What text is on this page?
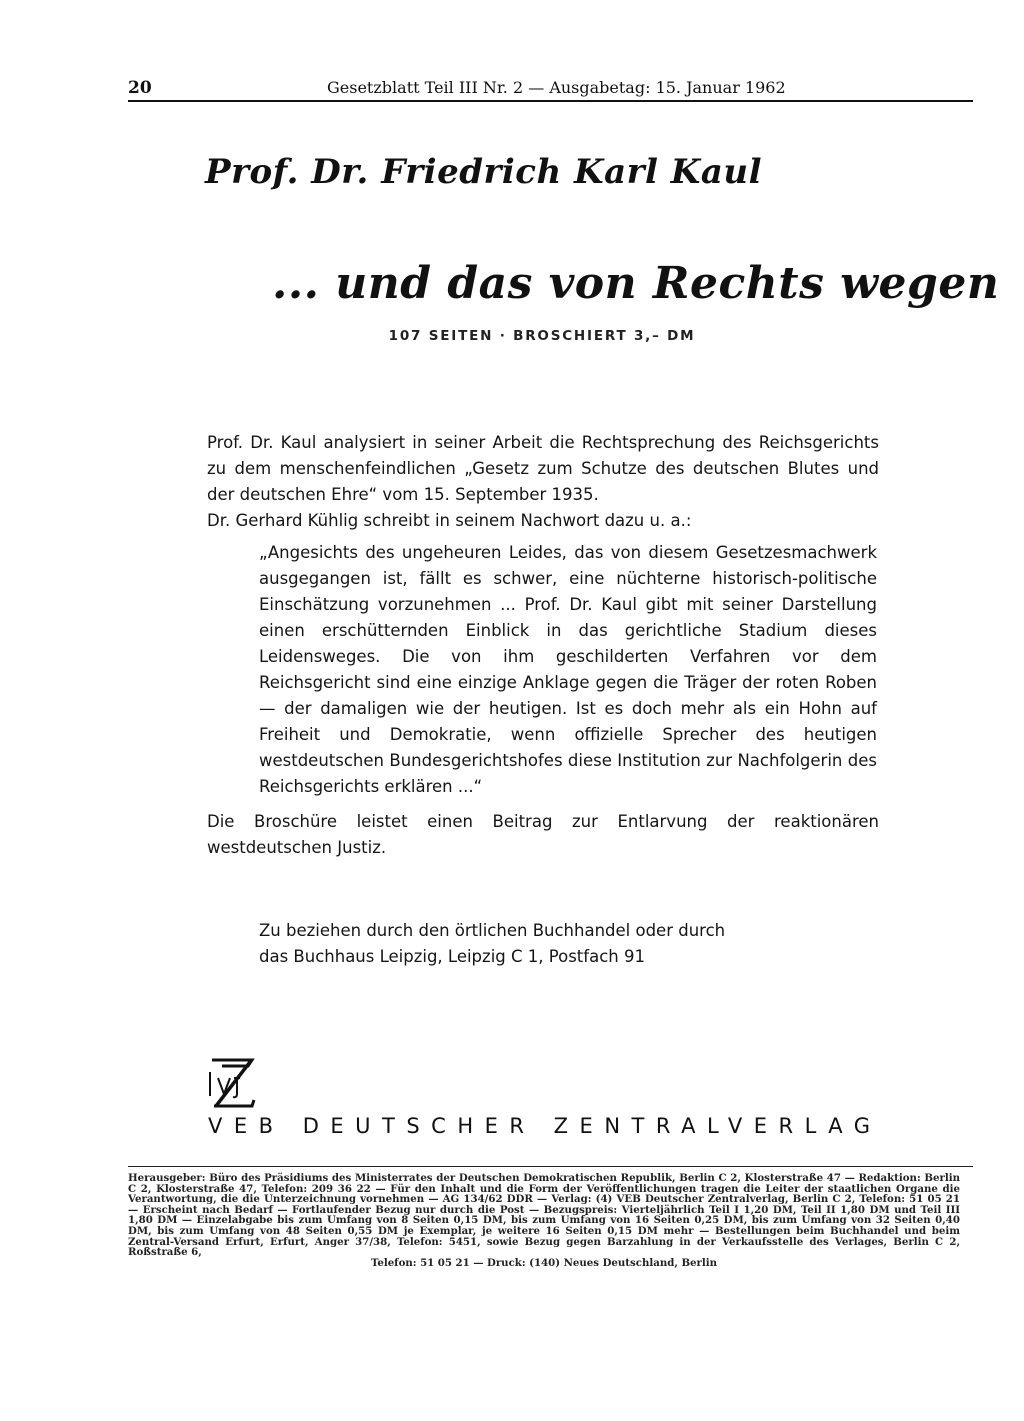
20	Gesetzblatt Teil III Nr. 2 — Ausgabetag: 15. Januar 1962
Prof. Dr. Friedrich Karl Kaul
... und das von Rechts wegen
107 SEITEN · BROSCHIERT 3,– DM

Prof. Dr. Kaul analysiert in seiner Arbeit die Rechtsprechung des Reichsgerichts zu dem menschenfeindlichen „Gesetz zum Schutze des deutschen Blutes und der deutschen Ehre“ vom 15. September 1935.

Dr. Gerhard Kühlig schreibt in seinem Nachwort dazu u. a.:

„Angesichts des ungeheuren Leides, das von diesem Gesetzesmachwerk ausgegangen ist, fällt es schwer, eine nüchterne historisch-politische Einschätzung vorzunehmen ... Prof. Dr. Kaul gibt mit seiner Darstellung einen erschütternden Einblick in das gerichtliche Stadium dieses Leidensweges. Die von ihm geschilderten Verfahren vor dem Reichsgericht sind eine einzige Anklage gegen die Träger der roten Roben — der damaligen wie der heutigen. Ist es doch mehr als ein Hohn auf Freiheit und Demokratie, wenn offizielle Sprecher des heutigen westdeutschen Bundesgerichtshofes diese Institution zur Nachfolgerin des Reichsgerichts erklären ...“

Die Broschüre leistet einen Beitrag zur Entlarvung der reaktionären westdeutschen Justiz.

Zu beziehen durch den örtlichen Buchhandel oder durch

das Buchhaus Leipzig, Leipzig C 1, Postfach 91

VEB DEUTSCHER ZENTRALVERLAG
Herausgeber: Büro des Präsidiums des Ministerrates der Deutschen Demokratischen Republik, Berlin C 2, Klosterstraße 47 — Redaktion: Berlin C 2, Klosterstraße 47, Telefon: 209 36 22 — Für den Inhalt und die Form der Veröffentlichungen tragen die Leiter der staatlichen Organe die Verantwortung, die die Unterzeichnung vornehmen — AG 134/62 DDR — Verlag: (4) VEB Deutscher Zentralverlag, Berlin C 2, Telefon: 51 05 21 — Erscheint nach Bedarf — Fortlaufender Bezug nur durch die Post — Bezugspreis: Vierteljährlich Teil I 1,20 DM, Teil II 1,80 DM und Teil III 1,80 DM — Einzelabgabe bis zum Umfang von 8 Seiten 0,15 DM, bis zum Umfang von 16 Seiten 0,25 DM, bis zum Umfang von 32 Seiten 0,40 DM, bis zum Umfang von 48 Seiten 0,55 DM je Exemplar, je weitere 16 Seiten 0,15 DM mehr — Bestellungen beim Buchhandel und beim Zentral-Versand Erfurt, Erfurt, Anger 37/38, Telefon: 5451, sowie Bezug gegen Barzahlung in der Verkaufsstelle des Verlages, Berlin C 2, Roßstraße 6,
Telefon: 51 05 21 — Druck: (140) Neues Deutschland, Berlin
